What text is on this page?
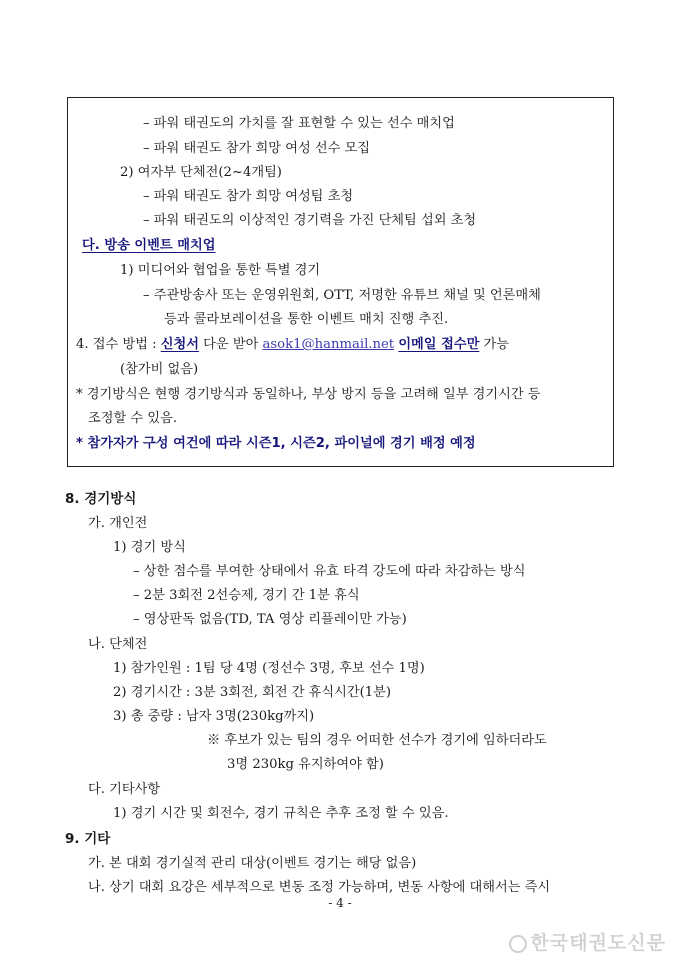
– 파워 태권도의 가치를 잘 표현할 수 있는 선수 매치업
– 파워 태권도 참가 희망 여성 선수 모집
2) 여자부 단체전(2~4개팀)
– 파워 태권도 참가 희망 여성팀 초청
– 파워 태권도의 이상적인 경기력을 가진 단체팀 섭외 초청
다. 방송 이벤트 매치업
1) 미디어와 협업을 통한 특별 경기
– 주관방송사 또는 운영위원회, OTT, 저명한 유튜브 채널 및 언론매체
등과 콜라보레이션을 통한 이벤트 매치 진행 추진.
4. 접수 방법 : 신청서 다운 받아 asok1@hanmail.net 이메일 접수만 가능
(참가비 없음)
* 경기방식은 현행 경기방식과 동일하나, 부상 방지 등을 고려해 일부 경기시간 등
조정할 수 있음.
* 참가자가 구성 여건에 따라 시즌1, 시즌2, 파이널에 경기 배정 예정
8. 경기방식
가. 개인전
1) 경기 방식
– 상한 점수를 부여한 상태에서 유효 타격 강도에 따라 차감하는 방식
– 2분 3회전 2선승제, 경기 간 1분 휴식
– 영상판독 없음(TD, TA 영상 리플레이만 가능)
나. 단체전
1) 참가인원 : 1팀 당 4명 (정선수 3명, 후보 선수 1명)
2) 경기시간 : 3분 3회전, 회전 간 휴식시간(1분)
3) 총 중량 : 남자 3명(230kg까지)
※ 후보가 있는 팀의 경우 어떠한 선수가 경기에 임하더라도
3명 230kg 유지하여야 함)
다. 기타사항
1) 경기 시간 및 회전수, 경기 규칙은 추후 조정 할 수 있음.
9. 기타
가. 본 대회 경기실적 관리 대상(이벤트 경기는 해당 없음)
나. 상기 대회 요강은 세부적으로 변동 조정 가능하며, 변동 사항에 대해서는 즉시
- 4 -
한국태권도신문
